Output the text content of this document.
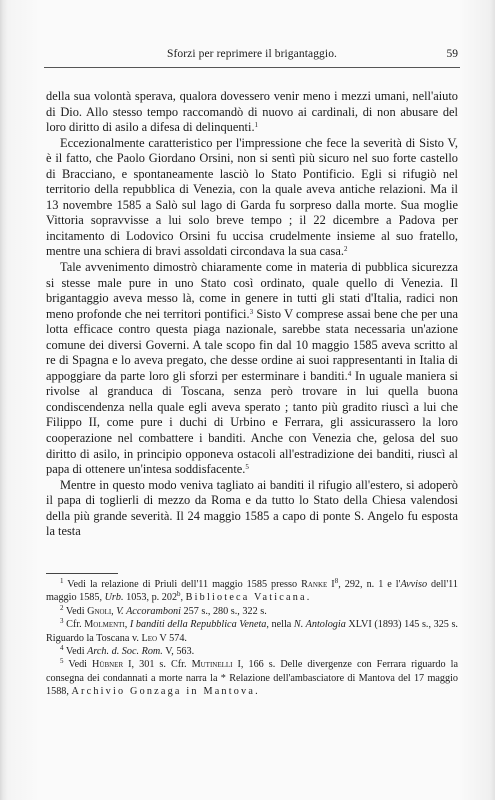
Sforzi per reprimere il brigantaggio.	59

della sua volontà sperava, qualora dovessero venir meno i mezzi umani, nell'aiuto di Dio. Allo stesso tempo raccomandò di nuovo ai cardinali, di non abusare del loro diritto di asilo a difesa di delinquenti.$^1$

Eccezionalmente caratteristico per l'impressione che fece la severità di Sisto V, è il fatto, che Paolo Giordano Orsini, non si sentì più sicuro nel suo forte castello di Bracciano, e spontaneamente lasciò lo Stato Pontificio. Egli si rifugiò nel territorio della repubblica di Venezia, con la quale aveva antiche relazioni. Ma il 13 novembre 1585 a Salò sul lago di Garda fu sorpreso dalla morte. Sua moglie Vittoria sopravvisse a lui solo breve tempo ; il 22 dicembre a Padova per incitamento di Lodovico Orsini fu uccisa crudelmente insieme al suo fratello, mentre una schiera di bravi assoldati circondava la sua casa.$^2$

Tale avvenimento dimostrò chiaramente come in materia di pubblica sicurezza si stesse male pure in uno Stato così ordinato, quale quello di Venezia. Il brigantaggio aveva messo là, come in genere in tutti gli stati d'Italia, radici non meno profonde che nei territori pontifici.$^3$ Sisto V comprese assai bene che per una lotta efficace contro questa piaga nazionale, sarebbe stata necessaria un'azione comune dei diversi Governi. A tale scopo fin dal 10 maggio 1585 aveva scritto al re di Spagna e lo aveva pregato, che desse ordine ai suoi rappresentanti in Italia di appoggiare da parte loro gli sforzi per esterminare i banditi.$^4$ In uguale maniera si rivolse al granduca di Toscana, senza però trovare in lui quella buona condiscendenza nella quale egli aveva sperato ; tanto più gradito riuscì a lui che Filippo II, come pure i duchi di Urbino e Ferrara, gli assicurassero la loro cooperazione nel combattere i banditi. Anche con Venezia che, gelosa del suo diritto di asilo, in principio opponeva ostacoli all'estradizione dei banditi, riuscì al papa di ottenere un'intesa soddisfacente.$^5$

Mentre in questo modo veniva tagliato ai banditi il rifugio all'estero, si adoperò il papa di toglierli di mezzo da Roma e da tutto lo Stato della Chiesa valendosi della più grande severità. Il 24 maggio 1585 a capo di ponte S. Angelo fu esposta la testa

$^1$ Vedi la relazione di Priuli dell'11 maggio 1585 presso Ranke $I^8$, 292, n. 1 e l'Avviso dell'11 maggio 1585, Urb. 1053, p. 202$^b$, Biblioteca Vaticana.

$^2$ Vedi Gnoli, V. Accoramboni 257 s., 280 s., 322 s.

$^3$ Cfr. Molmenti, I banditi della Repubblica Veneta, nella N. Antologia XLVI (1893) 145 s., 325 s. Riguardo la Toscana v. Leo V 574.

$^4$ Vedi Arch. d. Soc. Rom. V, 563.

$^5$ Vedi Hübner I, 301 s. Cfr. Mutinelli I, 166 s. Delle divergenze con Ferrara riguardo la consegna dei condannati a morte narra la * Relazione dell'ambasciatore di Mantova del 17 maggio 1588, Archivio Gonzaga in Mantova.
